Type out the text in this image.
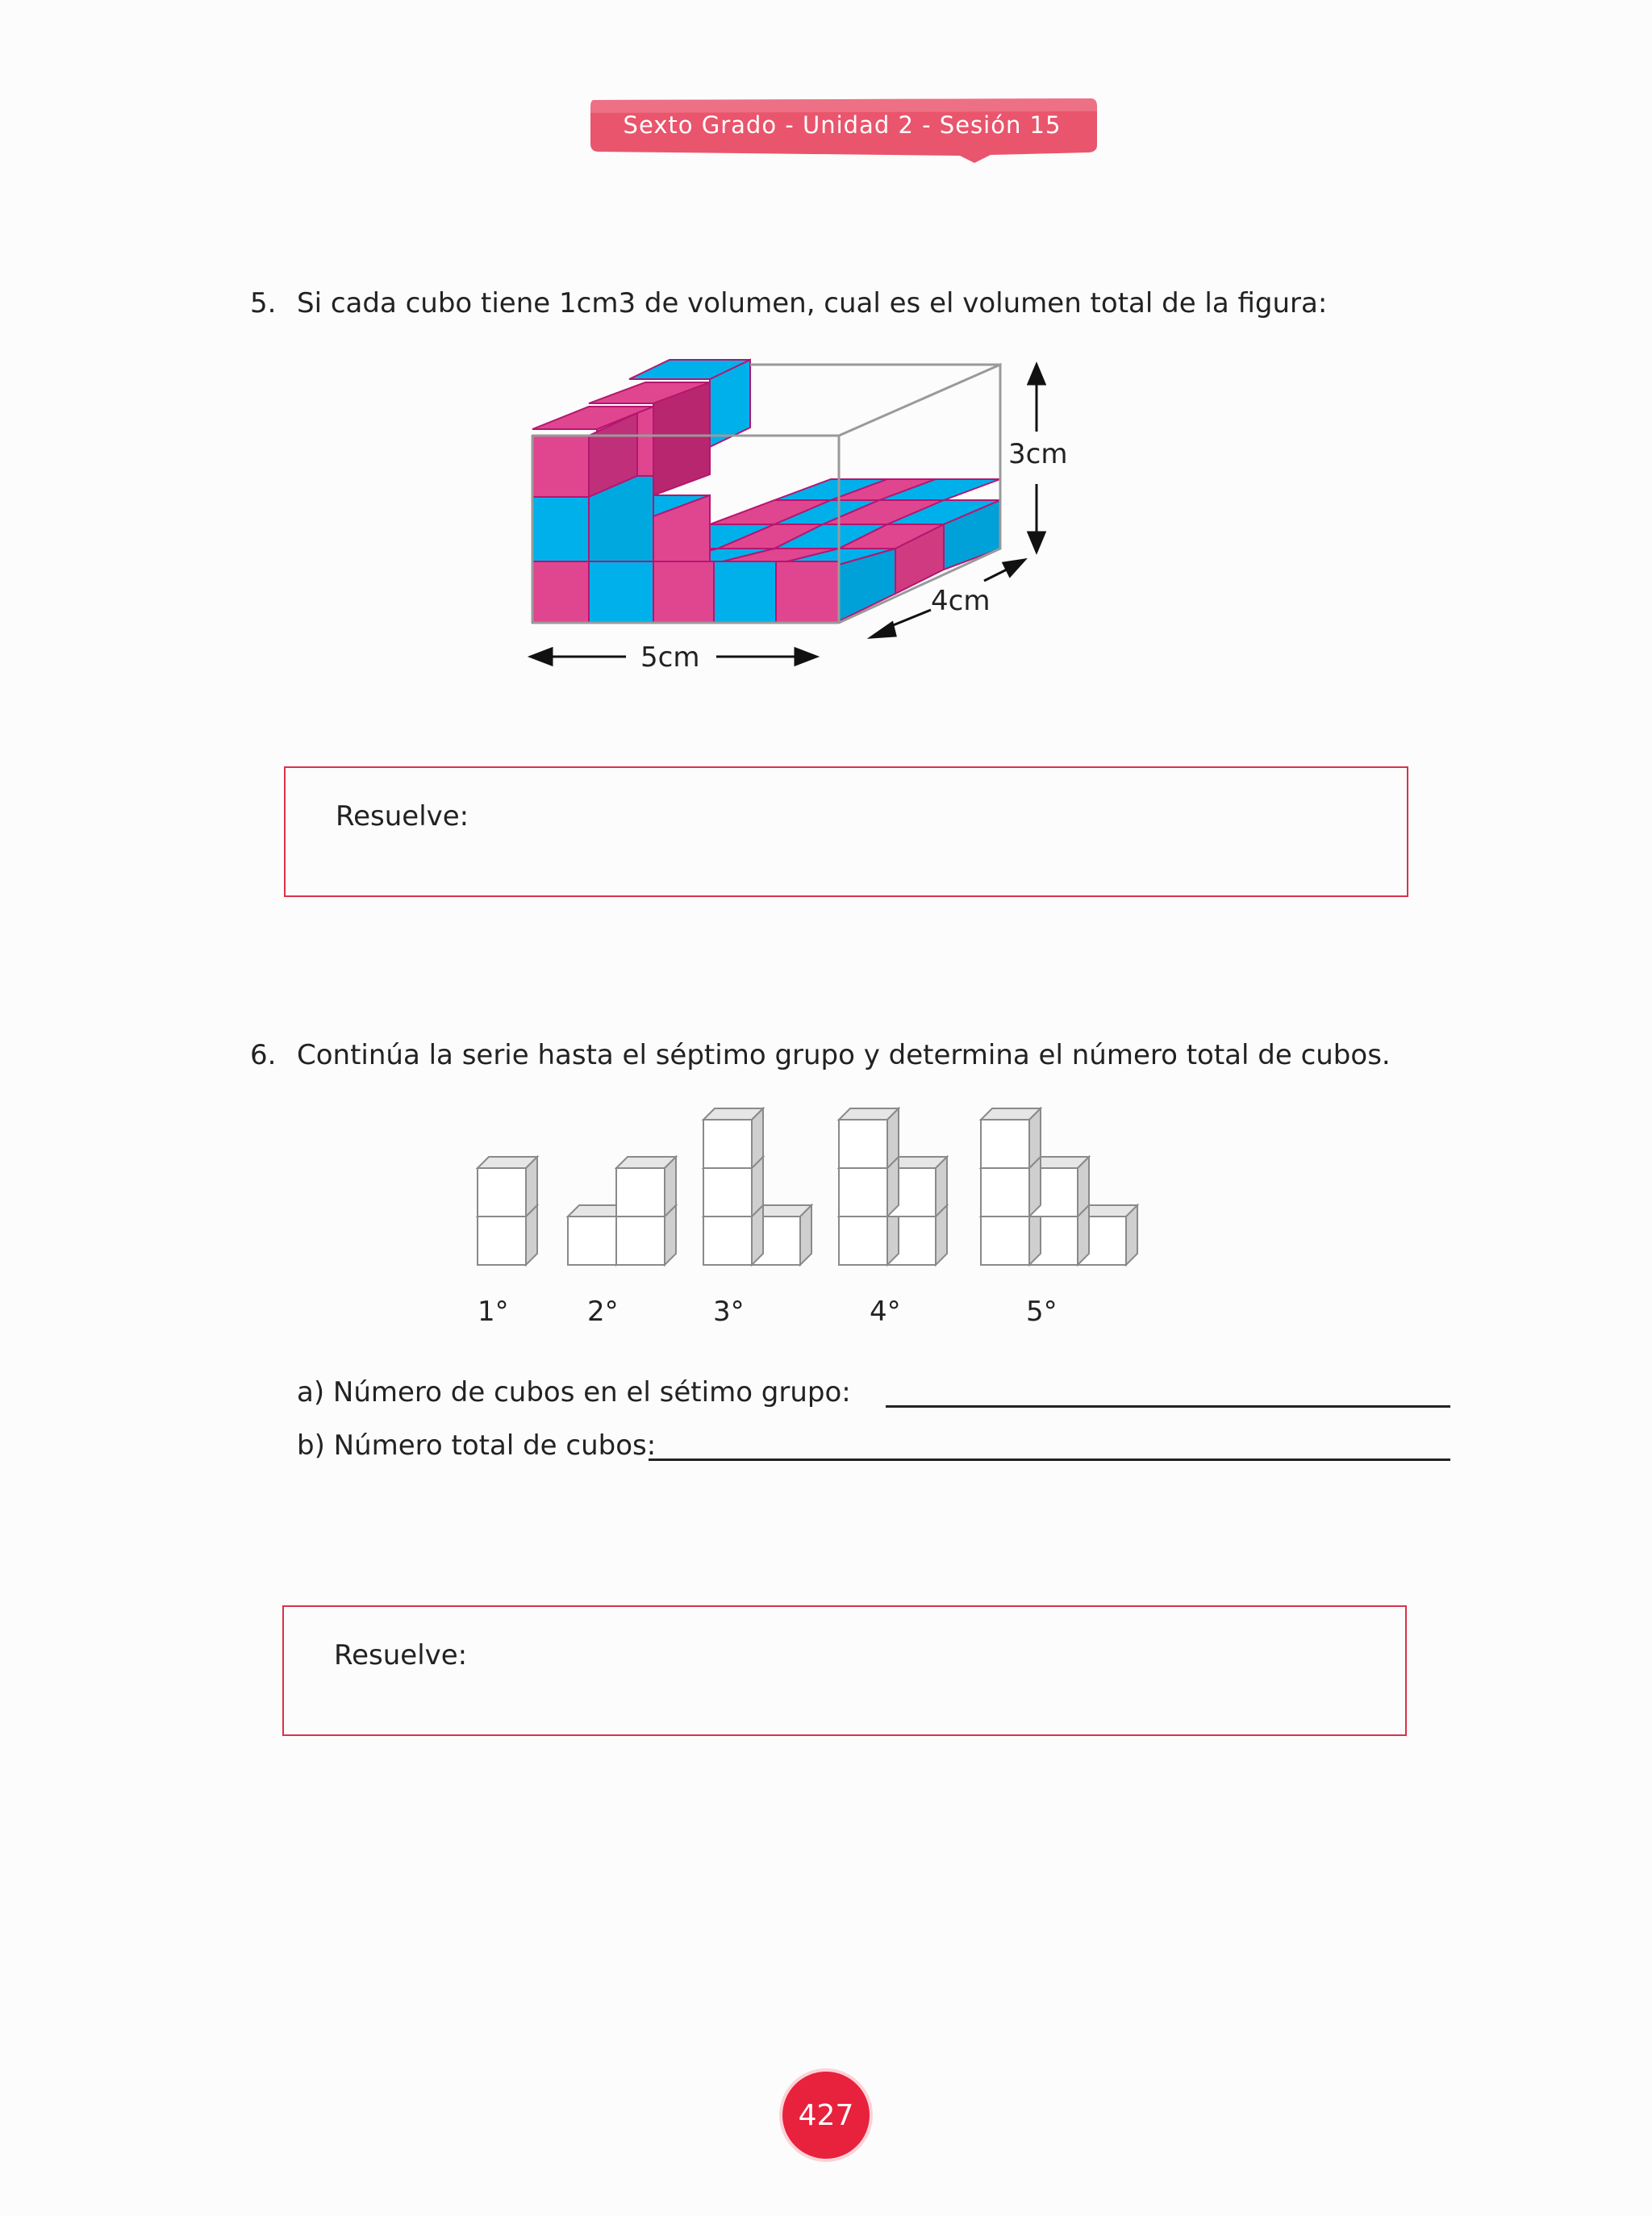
Sexto Grado - Unidad 2 - Sesión 15
5. Si cada cubo tiene 1cm3 de volumen, cual es el volumen total de la figura:
3cm
4cm
5cm
Resuelve:
6. Continúa la serie hasta el séptimo grupo y determina el número total de cubos.
1°	2°	3°	4°	5°
a) Número de cubos en el sétimo grupo:
b) Número total de cubos:
Resuelve:
427
